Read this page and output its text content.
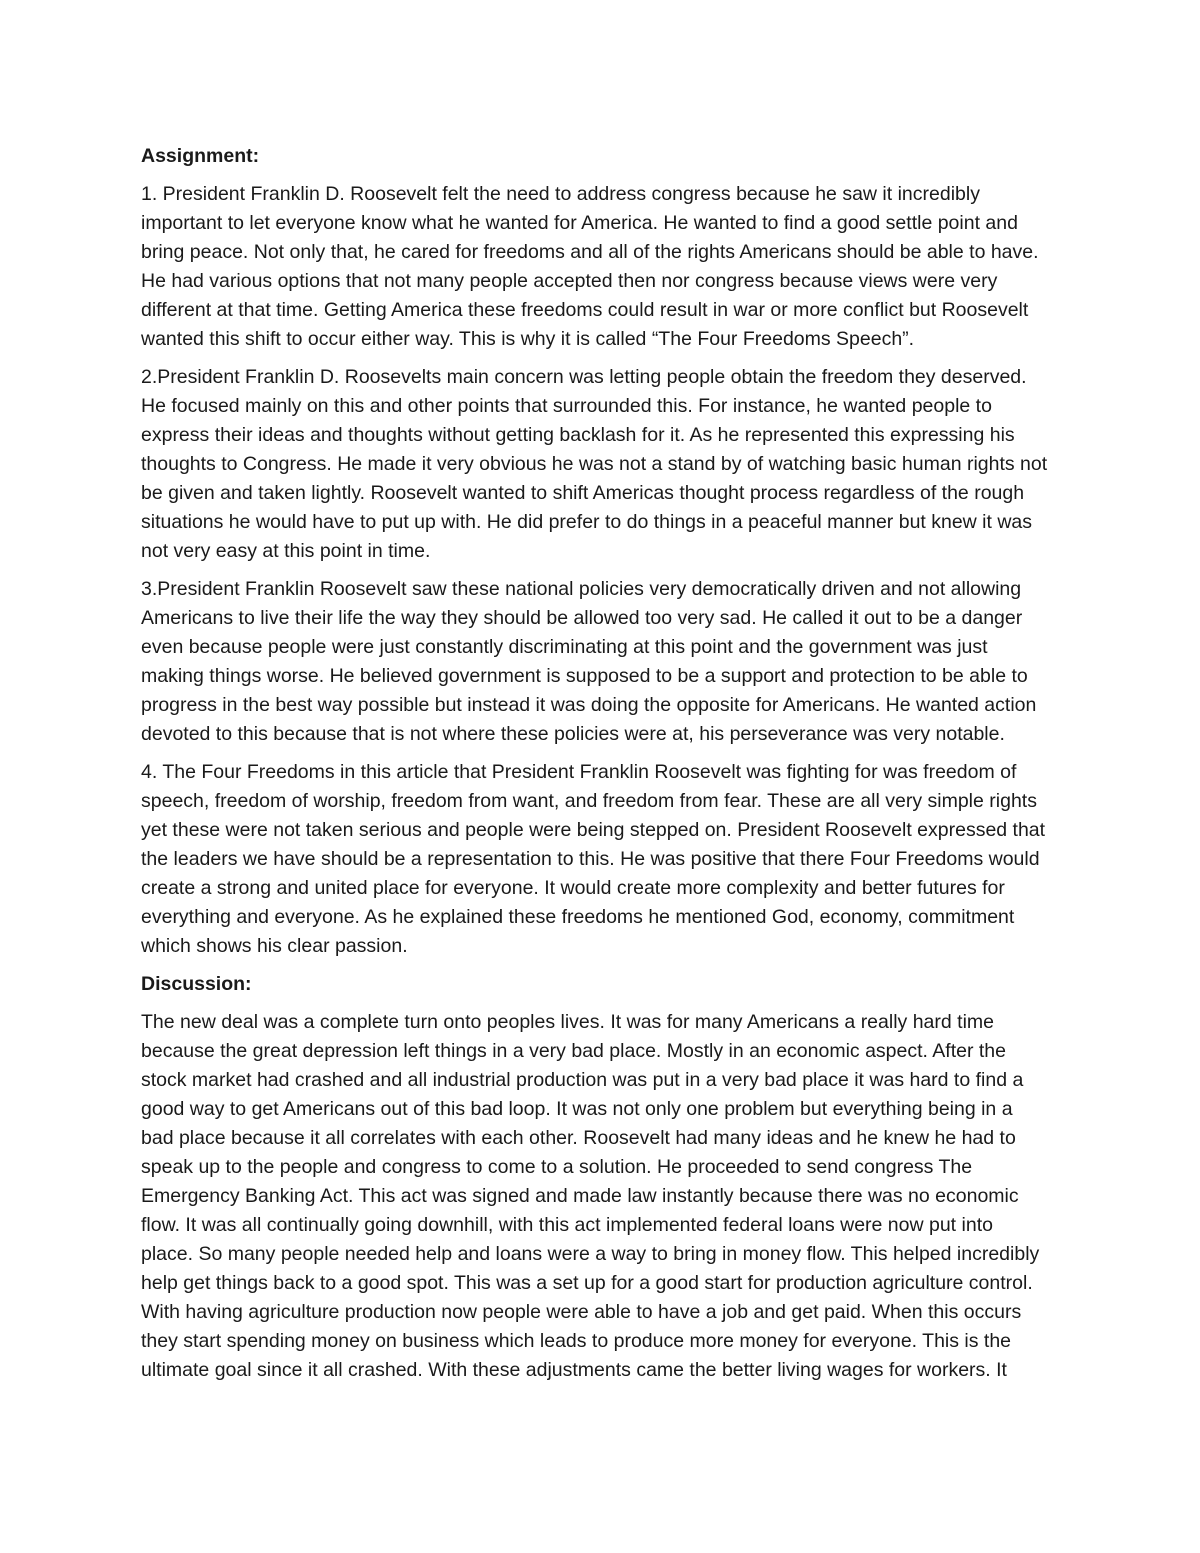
Assignment:
1. President Franklin D. Roosevelt felt the need to address congress because he saw it incredibly
important to let everyone know what he wanted for America. He wanted to find a good settle point and
bring peace. Not only that, he cared for freedoms and all of the rights Americans should be able to have.
He had various options that not many people accepted then nor congress because views were very
different at that time. Getting America these freedoms could result in war or more conflict but Roosevelt
wanted this shift to occur either way. This is why it is called “The Four Freedoms Speech”.
2.President Franklin D. Roosevelts main concern was letting people obtain the freedom they deserved.
He focused mainly on this and other points that surrounded this. For instance, he wanted people to
express their ideas and thoughts without getting backlash for it. As he represented this expressing his
thoughts to Congress. He made it very obvious he was not a stand by of watching basic human rights not
be given and taken lightly. Roosevelt wanted to shift Americas thought process regardless of the rough
situations he would have to put up with. He did prefer to do things in a peaceful manner but knew it was
not very easy at this point in time.
3.President Franklin Roosevelt saw these national policies very democratically driven and not allowing
Americans to live their life the way they should be allowed too very sad. He called it out to be a danger
even because people were just constantly discriminating at this point and the government was just
making things worse. He believed government is supposed to be a support and protection to be able to
progress in the best way possible but instead it was doing the opposite for Americans. He wanted action
devoted to this because that is not where these policies were at, his perseverance was very notable.
4. The Four Freedoms in this article that President Franklin Roosevelt was fighting for was freedom of
speech, freedom of worship, freedom from want, and freedom from fear. These are all very simple rights
yet these were not taken serious and people were being stepped on. President Roosevelt expressed that
the leaders we have should be a representation to this. He was positive that there Four Freedoms would
create a strong and united place for everyone. It would create more complexity and better futures for
everything and everyone. As he explained these freedoms he mentioned God, economy, commitment
which shows his clear passion.
Discussion:
The new deal was a complete turn onto peoples lives. It was for many Americans a really hard time
because the great depression left things in a very bad place. Mostly in an economic aspect. After the
stock market had crashed and all industrial production was put in a very bad place it was hard to find a
good way to get Americans out of this bad loop. It was not only one problem but everything being in a
bad place because it all correlates with each other. Roosevelt had many ideas and he knew he had to
speak up to the people and congress to come to a solution. He proceeded to send congress The
Emergency Banking Act. This act was signed and made law instantly because there was no economic
flow. It was all continually going downhill, with this act implemented federal loans were now put into
place. So many people needed help and loans were a way to bring in money flow. This helped incredibly
help get things back to a good spot. This was a set up for a good start for production agriculture control.
With having agriculture production now people were able to have a job and get paid. When this occurs
they start spending money on business which leads to produce more money for everyone. This is the
ultimate goal since it all crashed. With these adjustments came the better living wages for workers. It
